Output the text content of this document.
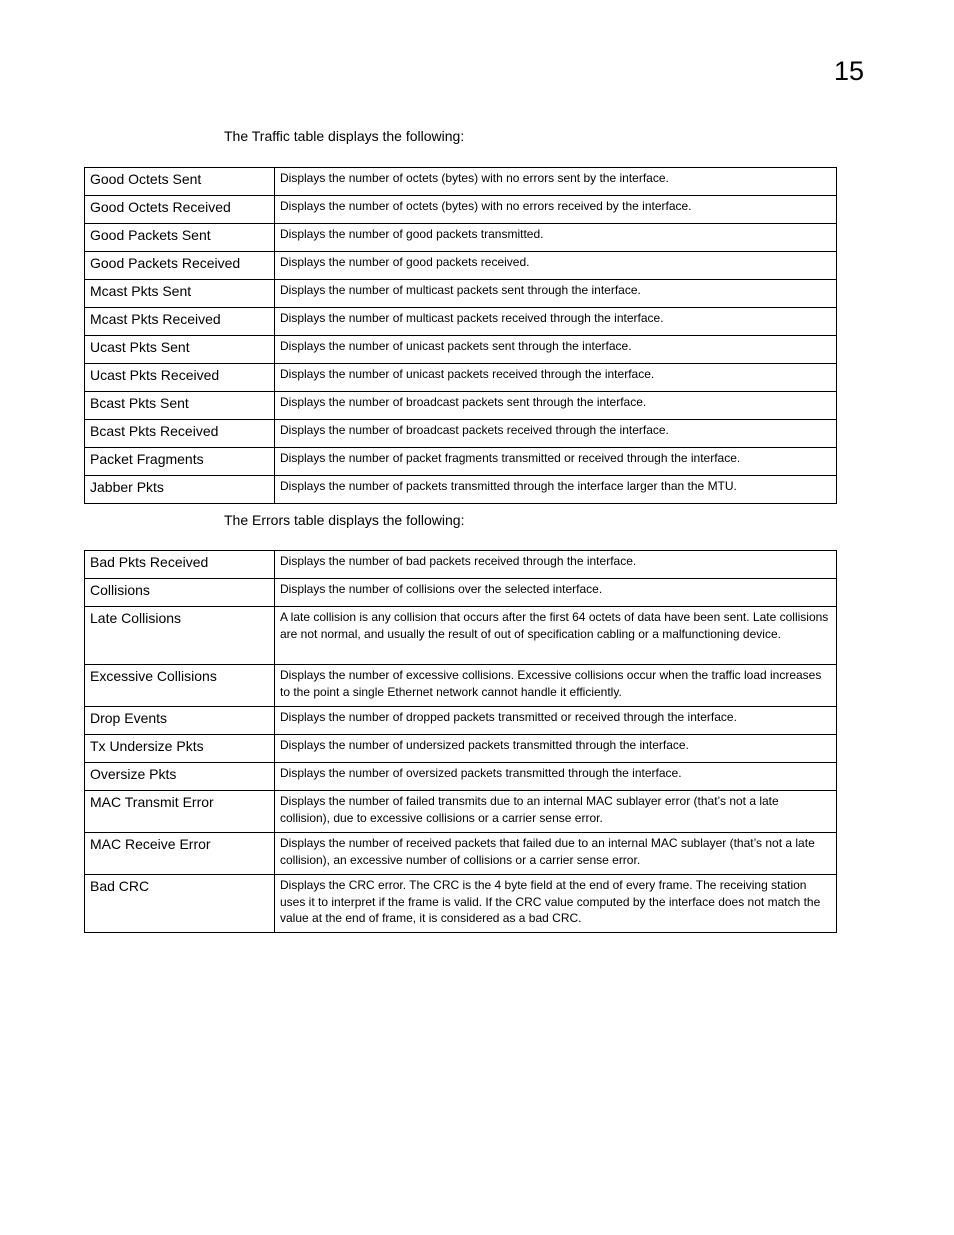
15

The Traffic table displays the following:

Good Octets Sent	Displays the number of octets (bytes) with no errors sent by the interface.
Good Octets Received	Displays the number of octets (bytes) with no errors received by the interface.
Good Packets Sent	Displays the number of good packets transmitted.
Good Packets Received	Displays the number of good packets received.
Mcast Pkts Sent	Displays the number of multicast packets sent through the interface.
Mcast Pkts Received	Displays the number of multicast packets received through the interface.
Ucast Pkts Sent	Displays the number of unicast packets sent through the interface.
Ucast Pkts Received	Displays the number of unicast packets received through the interface.
Bcast Pkts Sent	Displays the number of broadcast packets sent through the interface.
Bcast Pkts Received	Displays the number of broadcast packets received through the interface.
Packet Fragments	Displays the number of packet fragments transmitted or received through the interface.
Jabber Pkts	Displays the number of packets transmitted through the interface larger than the MTU.

The Errors table displays the following:

Bad Pkts Received	Displays the number of bad packets received through the interface.
Collisions	Displays the number of collisions over the selected interface.
Late Collisions	A late collision is any collision that occurs after the first 64 octets of data have been sent. Late collisions are not normal, and usually the result of out of specification cabling or a malfunctioning device.
Excessive Collisions	Displays the number of excessive collisions. Excessive collisions occur when the traffic load increases to the point a single Ethernet network cannot handle it efficiently.
Drop Events	Displays the number of dropped packets transmitted or received through the interface.
Tx Undersize Pkts	Displays the number of undersized packets transmitted through the interface.
Oversize Pkts	Displays the number of oversized packets transmitted through the interface.
MAC Transmit Error	Displays the number of failed transmits due to an internal MAC sublayer error (that’s not a late collision), due to excessive collisions or a carrier sense error.
MAC Receive Error	Displays the number of received packets that failed due to an internal MAC sublayer (that’s not a late collision), an excessive number of collisions or a carrier sense error.
Bad CRC	Displays the CRC error. The CRC is the 4 byte field at the end of every frame. The receiving station uses it to interpret if the frame is valid. If the CRC value computed by the interface does not match the value at the end of frame, it is considered as a bad CRC.
